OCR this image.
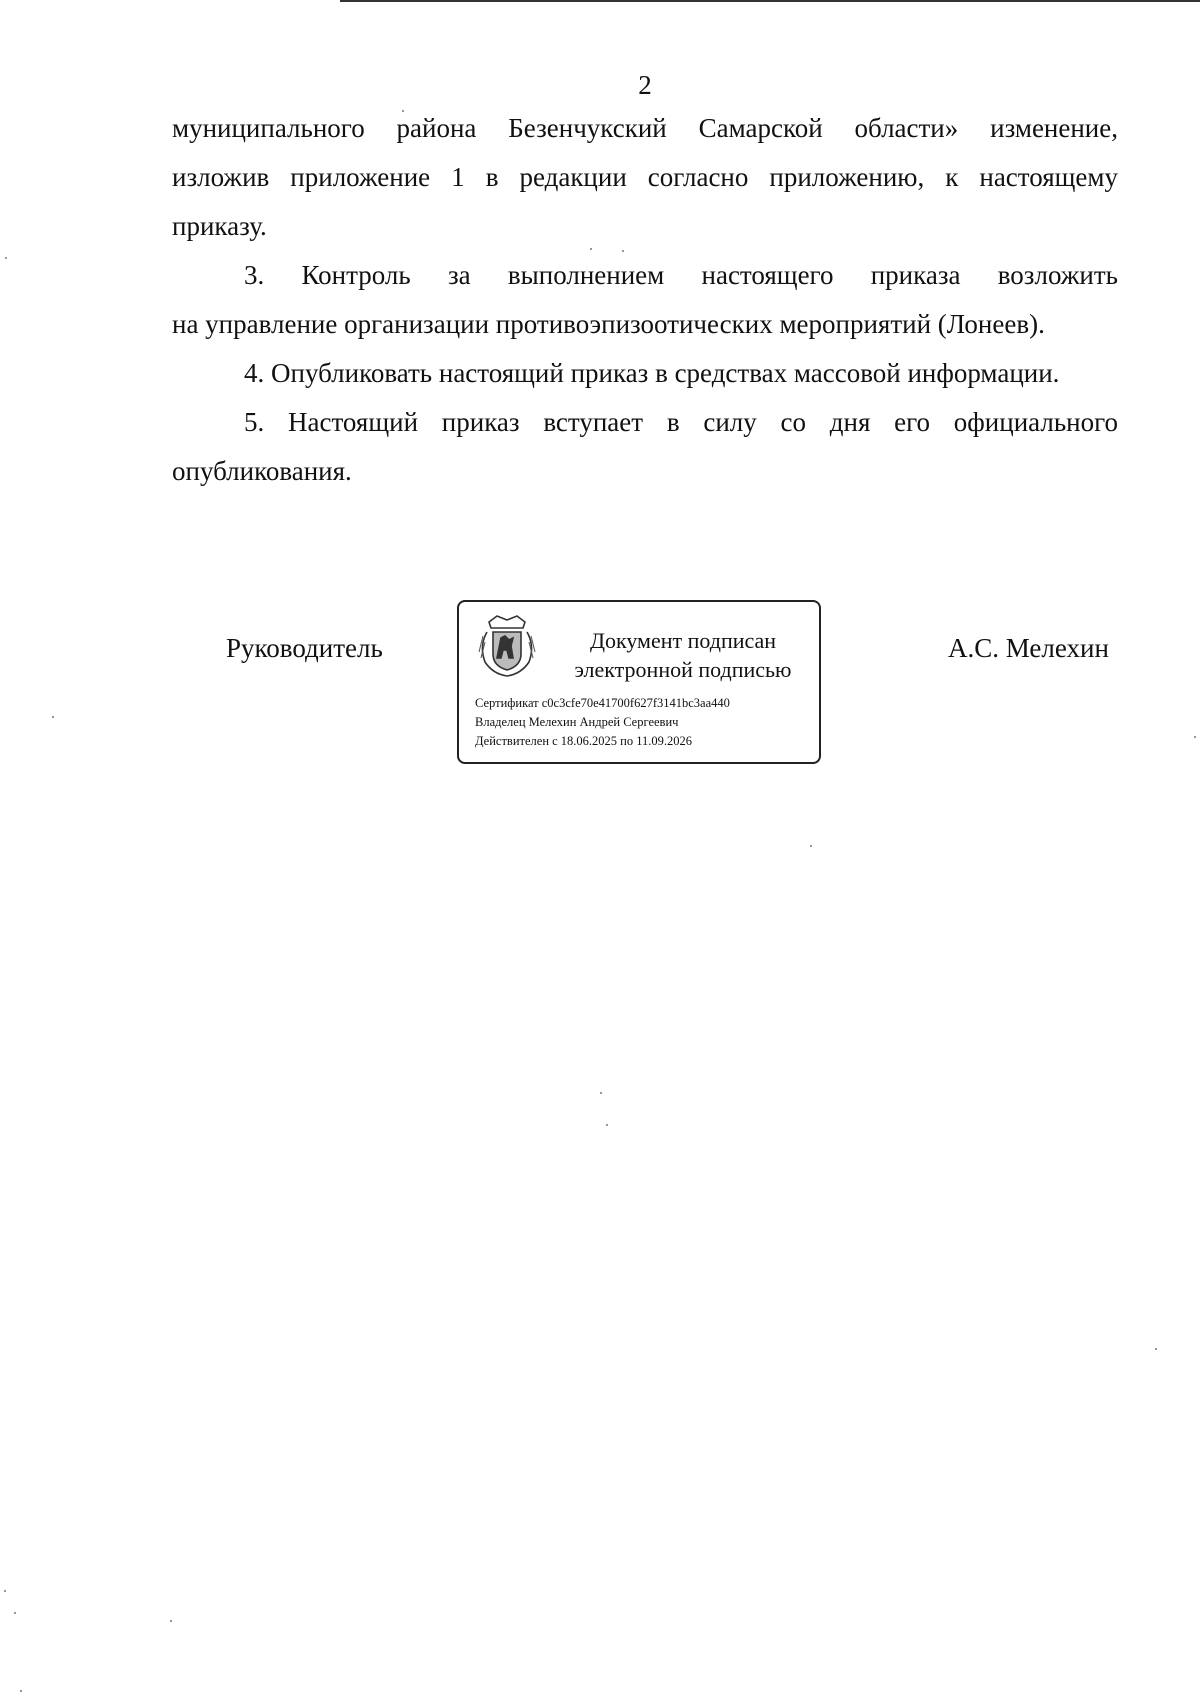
2

муниципального района Безенчукский Самарской области» изменение,
изложив приложение 1 в редакции согласно приложению, к настоящему
приказу.

3. Контроль за выполнением настоящего приказа возложить
на управление организации противоэпизоотических мероприятий (Лонеев).

4. Опубликовать настоящий приказ в средствах массовой информации.

5. Настоящий приказ вступает в силу со дня его официального
опубликования.

Руководитель	Документ подписан
электронной подписью
Сертификат c0c3cfe70e41700f627f3141bc3aa440
Владелец Мелехин Андрей Сергеевич
Действителен с 18.06.2025 по 11.09.2026
А.С. Мелехин
